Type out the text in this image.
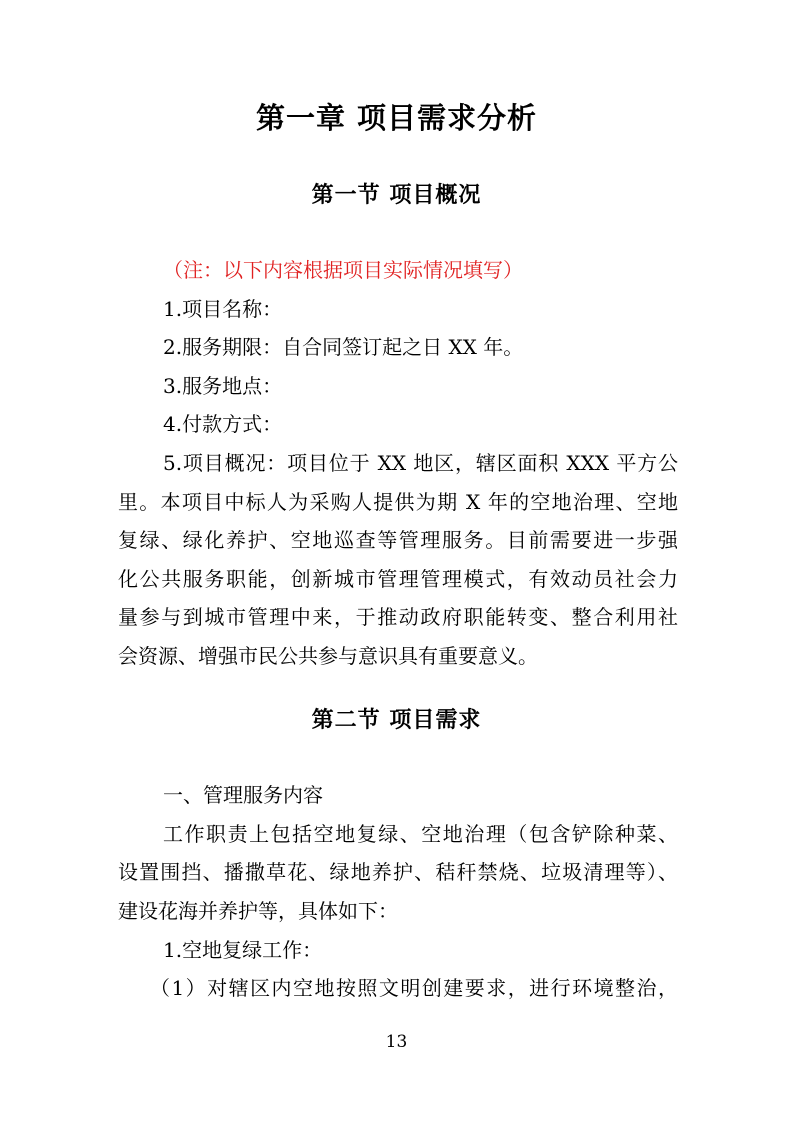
第一章 项目需求分析
第一节 项目概况
（注：以下内容根据项目实际情况填写）
1.项目名称：
2.服务期限：自合同签订起之日 XX 年。
3.服务地点：
4.付款方式：
5.项目概况：项目位于 XX 地区，辖区面积 XXX 平方公
里。本项目中标人为采购人提供为期 X 年的空地治理、空地
复绿、绿化养护、空地巡查等管理服务。目前需要进一步强
化公共服务职能，创新城市管理管理模式，有效动员社会力
量参与到城市管理中来，于推动政府职能转变、整合利用社
会资源、增强市民公共参与意识具有重要意义。
第二节 项目需求
一、管理服务内容
工作职责上包括空地复绿、空地治理（包含铲除种菜、
设置围挡、播撒草花、绿地养护、秸秆禁烧、垃圾清理等）、
建设花海并养护等，具体如下：
1.空地复绿工作：
（1）对辖区内空地按照文明创建要求，进行环境整治，
13
